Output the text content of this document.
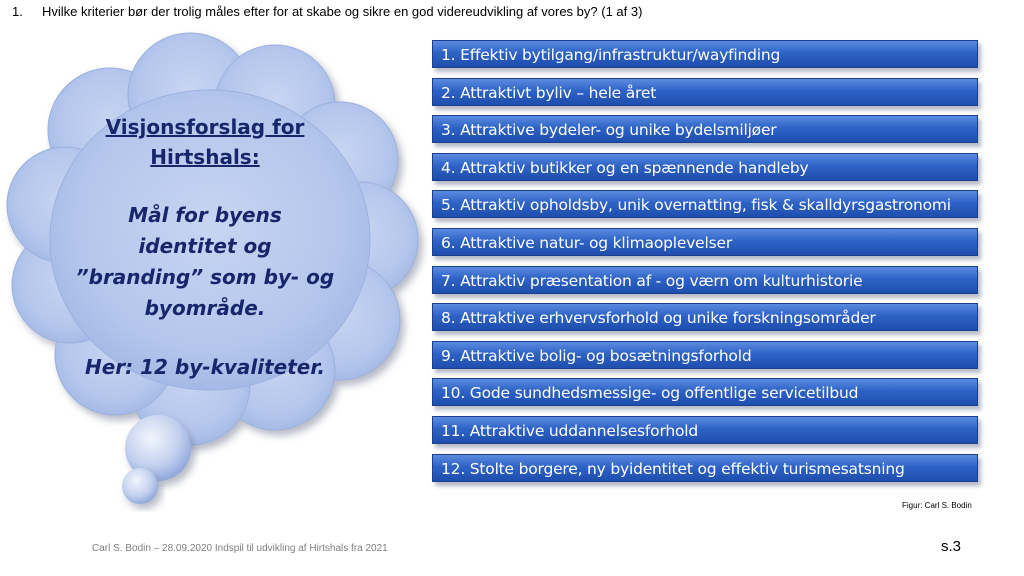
1. Hvilke kriterier bør der trolig måles efter for at skabe og sikre en god videreudvikling af vores by? (1 af 3)

Visjonsforslag for
Hirtshals:

Mål for byens
identitet og
”branding” som by- og
byområde.

Her: 12 by-kvaliteter.

1. Effektiv bytilgang/infrastruktur/wayfinding
2. Attraktivt byliv – hele året
3. Attraktive bydeler- og unike bydelsmiljøer
4. Attraktiv butikker og en spænnende handleby
5. Attraktiv opholdsby, unik overnatting, fisk & skalldyrsgastronomi
6. Attraktive natur- og klimaoplevelser
7. Attraktiv præsentation af - og værn om kulturhistorie
8. Attraktive erhvervsforhold og unike forskningsområder
9. Attraktive bolig- og bosætningsforhold
10. Gode sundhedsmessige- og offentlige servicetilbud
11. Attraktive uddannelsesforhold
12. Stolte borgere, ny byidentitet og effektiv turismesatsning
Figur: Carl S. Bodin
Carl S. Bodin – 28.09.2020 Indspil til udvikling af Hirtshals fra 2021	s.3
